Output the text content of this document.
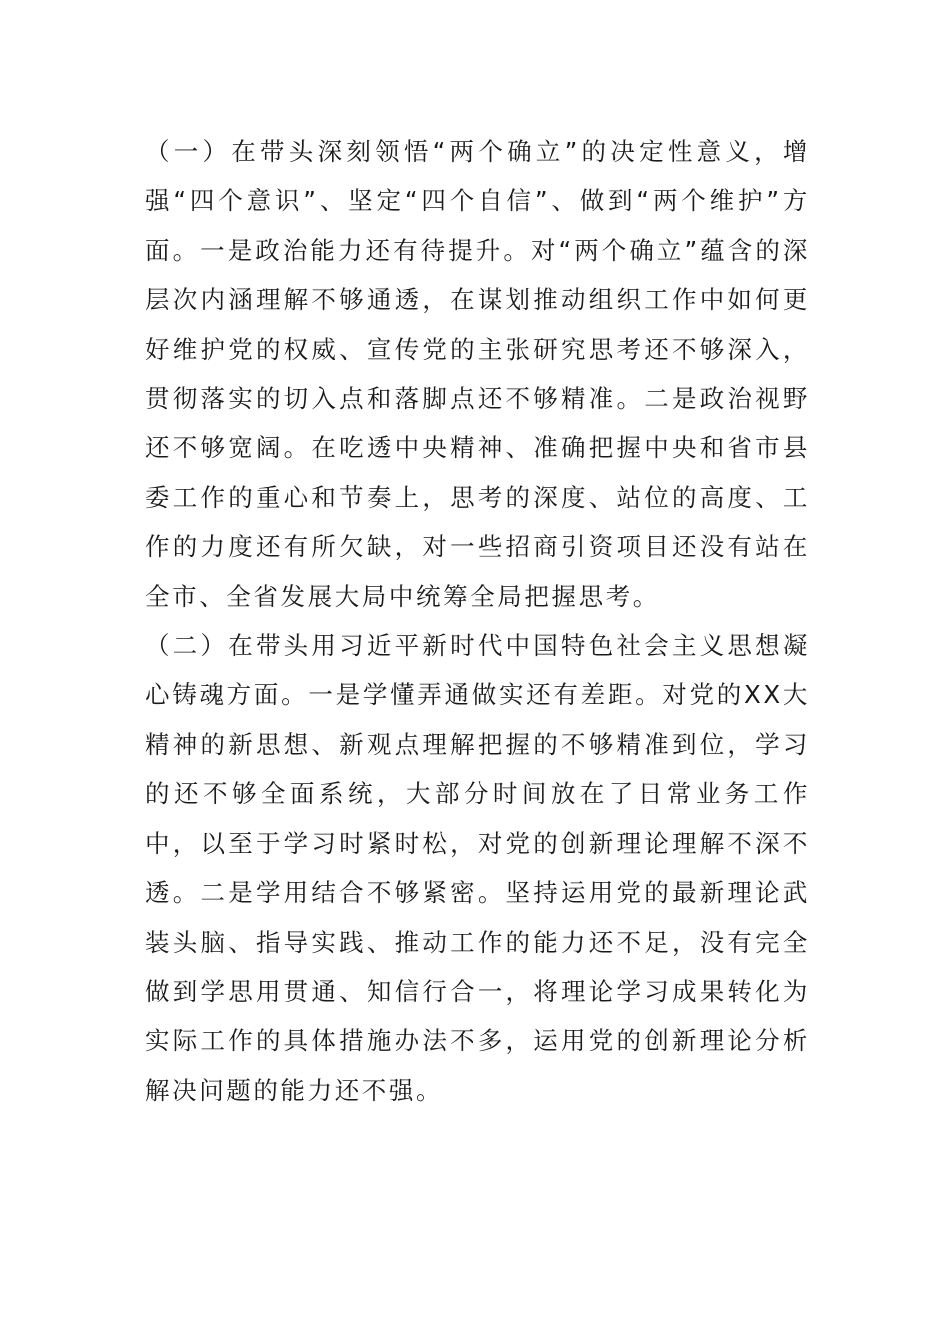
（一）在带头深刻领悟“两个确立”的决定性意义，增强“四个意识”、坚定“四个自信”、做到“两个维护”方面。一是政治能力还有待提升。对“两个确立”蕴含的深层次内涵理解不够通透，在谋划推动组织工作中如何更好维护党的权威、宣传党的主张研究思考还不够深入，贯彻落实的切入点和落脚点还不够精准。二是政治视野还不够宽阔。在吃透中央精神、准确把握中央和省市县委工作的重心和节奏上，思考的深度、站位的高度、工作的力度还有所欠缺，对一些招商引资项目还没有站在全市、全省发展大局中统筹全局把握思考。

（二）在带头用习近平新时代中国特色社会主义思想凝心铸魂方面。一是学懂弄通做实还有差距。对党的XX大精神的新思想、新观点理解把握的不够精准到位，学习的还不够全面系统，大部分时间放在了日常业务工作中，以至于学习时紧时松，对党的创新理论理解不深不透。二是学用结合不够紧密。坚持运用党的最新理论武装头脑、指导实践、推动工作的能力还不足，没有完全做到学思用贯通、知信行合一，将理论学习成果转化为实际工作的具体措施办法不多，运用党的创新理论分析解决问题的能力还不强。
